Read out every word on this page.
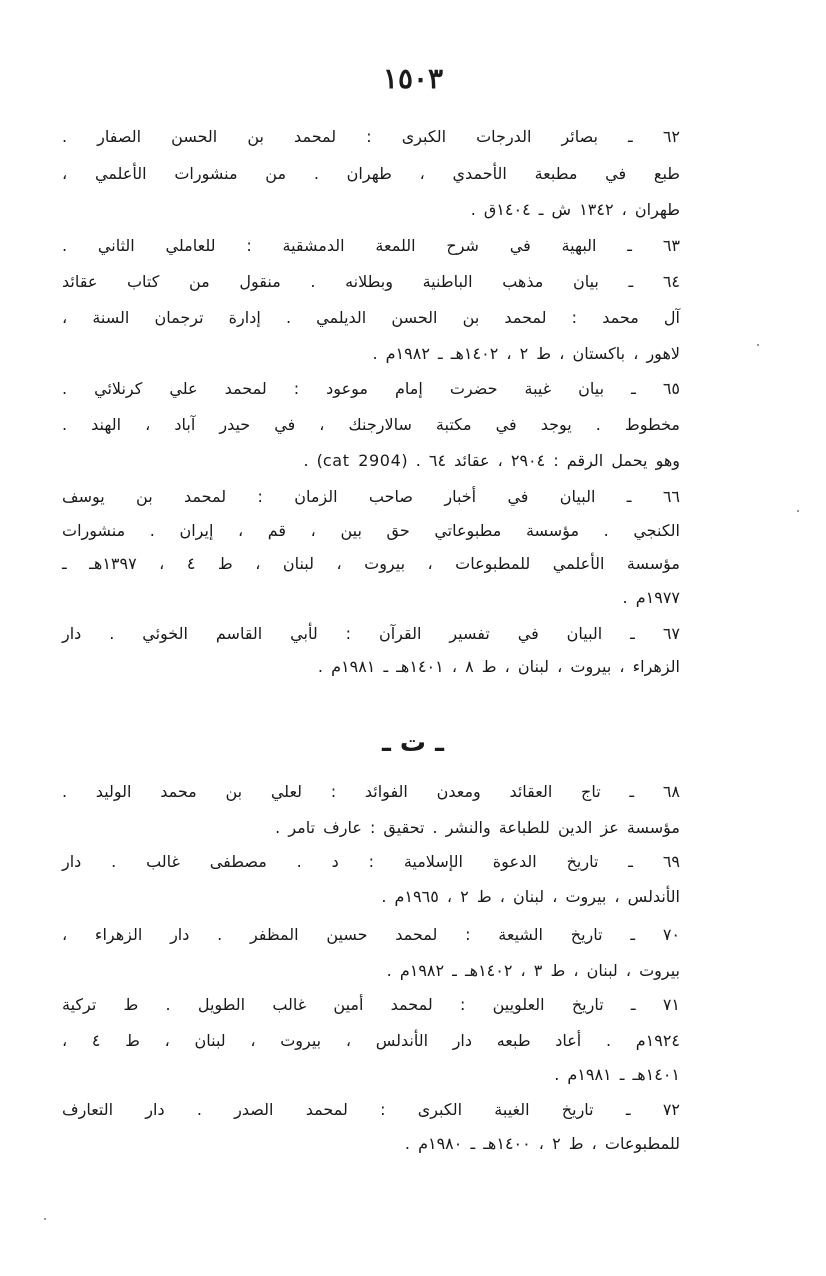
١٥٠٣
٦٢ ـ بصائر الدرجات الكبرى : لمحمد بن الحسن الصفار .
طبع في مطبعة الأحمدي ، طهران . من منشورات الأعلمي ،
طهران ، ١٣٤٢ ش ـ ١٤٠٤ق .
٦٣ ـ البهية في شرح اللمعة الدمشقية : للعاملي الثاني .
٦٤ ـ بيان مذهب الباطنية وبطلانه . منقول من كتاب عقائد
آل محمد : لمحمد بن الحسن الديلمي . إدارة ترجمان السنة ،
لاهور ، باكستان ، ط ٢ ، ١٤٠٢هـ ـ ١٩٨٢م .
٦٥ ـ بيان غيبة حضرت إمام موعود : لمحمد علي كرنلائي .
مخطوط . يوجد في مكتبة سالارجنك ، في حيدر آباد ، الهند .
وهو يحمل الرقم : ٢٩٠٤ ، عقائد ٦٤ . (cat 2904) .
٦٦ ـ البيان في أخبار صاحب الزمان : لمحمد بن يوسف
الكنجي . مؤسسة مطبوعاتي حق بين ، قم ، إيران . منشورات
مؤسسة الأعلمي للمطبوعات ، بيروت ، لبنان ، ط ٤ ، ١٣٩٧هـ ـ
١٩٧٧م .
٦٧ ـ البيان في تفسير القرآن : لأبي القاسم الخوئي . دار
الزهراء ، بيروت ، لبنان ، ط ٨ ، ١٤٠١هـ ـ ١٩٨١م .
ـ ت ـ
٦٨ ـ تاج العقائد ومعدن الفوائد : لعلي بن محمد الوليد .
مؤسسة عز الدين للطباعة والنشر . تحقيق : عارف تامر .
٦٩ ـ تاريخ الدعوة الإسلامية : د . مصطفى غالب . دار
الأندلس ، بيروت ، لبنان ، ط ٢ ، ١٩٦٥م .
٧٠ ـ تاريخ الشيعة : لمحمد حسين المظفر . دار الزهراء ،
بيروت ، لبنان ، ط ٣ ، ١٤٠٢هـ ـ ١٩٨٢م .
٧١ ـ تاريخ العلويين : لمحمد أمين غالب الطويل . ط تركية
١٩٢٤م . أعاد طبعه دار الأندلس ، بيروت ، لبنان ، ط ٤ ،
١٤٠١هـ ـ ١٩٨١م .
٧٢ ـ تاريخ الغيبة الكبرى : لمحمد الصدر . دار التعارف
للمطبوعات ، ط ٢ ، ١٤٠٠هـ ـ ١٩٨٠م .
